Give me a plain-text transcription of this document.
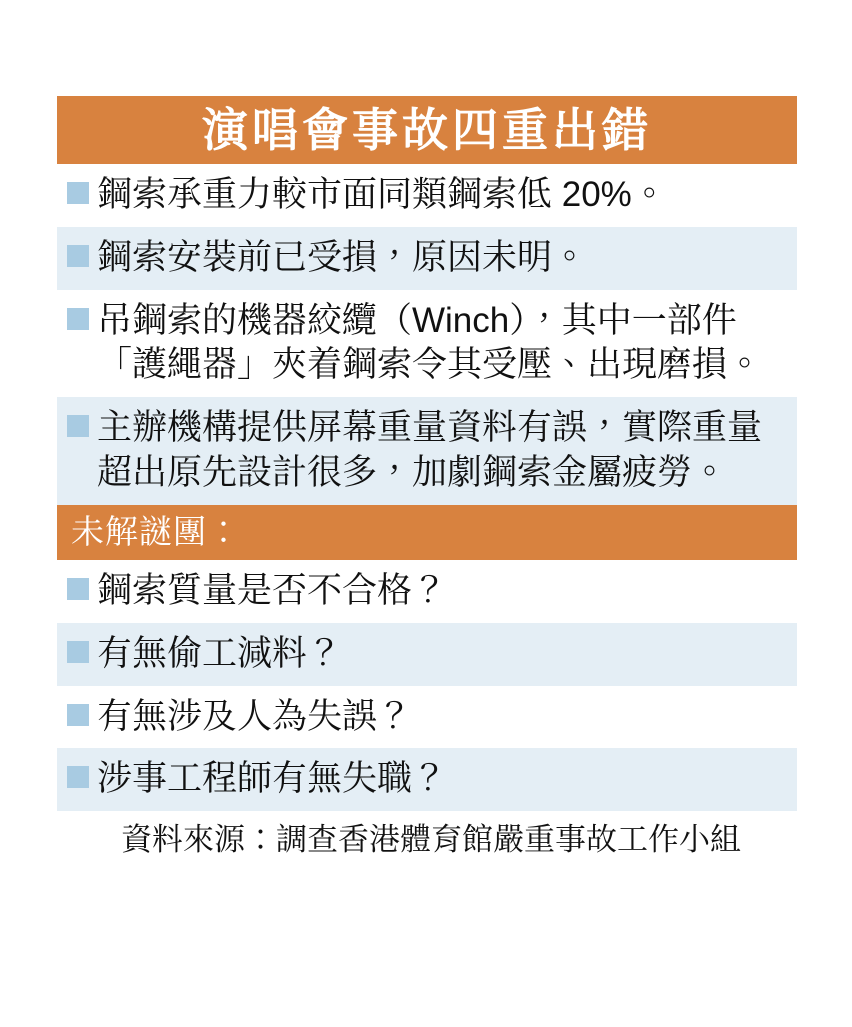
演唱會事故四重出錯
鋼索承重力較市面同類鋼索低 20%。
鋼索安裝前已受損，原因未明。
吊鋼索的機器絞纜（Winch），其中一部件「護繩器」夾着鋼索令其受壓、出現磨損。
主辦機構提供屏幕重量資料有誤，實際重量超出原先設計很多，加劇鋼索金屬疲勞。
未解謎團：
鋼索質量是否不合格？
有無偷工減料？
有無涉及人為失誤？
涉事工程師有無失職？
資料來源：調查香港體育館嚴重事故工作小組
